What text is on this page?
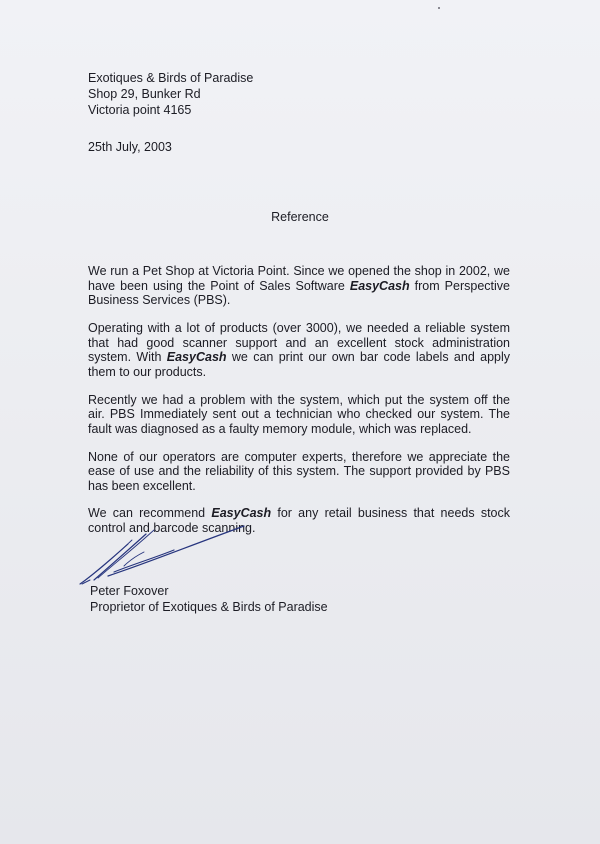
Exotiques & Birds of Paradise
Shop 29, Bunker Rd
Victoria point 4165
25th July, 2003
Reference

We run a Pet Shop at Victoria Point. Since we opened the shop in 2002, we have been using the Point of Sales Software EasyCash from Perspective Business Services (PBS).

Operating with a lot of products (over 3000), we needed a reliable system that had good scanner support and an excellent stock administration system. With EasyCash we can print our own bar code labels and apply them to our products.

Recently we had a problem with the system, which put the system off the air. PBS Immediately sent out a technician who checked our system. The fault was diagnosed as a faulty memory module, which was replaced.

None of our operators are computer experts, therefore we appreciate the ease of use and the reliability of this system. The support provided by PBS has been excellent.

We can recommend EasyCash for any retail business that needs stock control and barcode scanning.

Peter Foxover
Proprietor of Exotiques & Birds of Paradise
